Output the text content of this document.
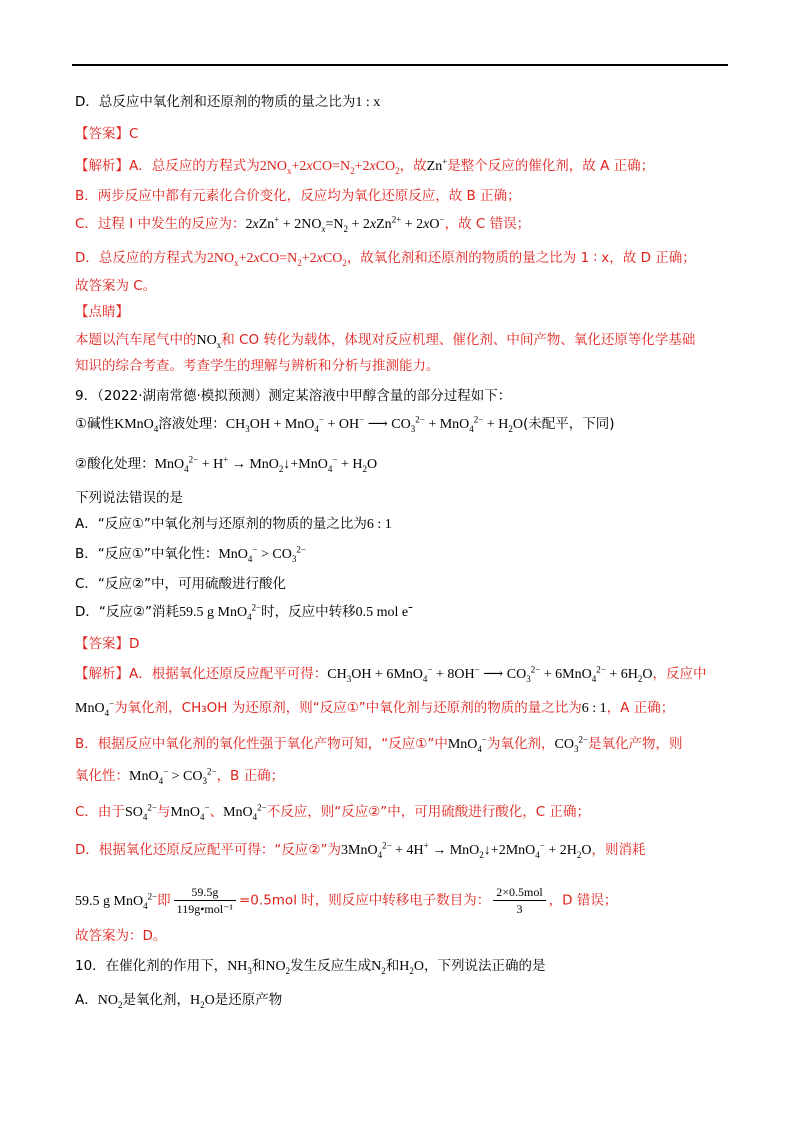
D．总反应中氧化剂和还原剂的物质的量之比为1 : x
【答案】C
【解析】A．总反应的方程式为$2NO_x+2xCO=N_2+2xCO_2$，故Zn+是整个反应的催化剂，故 A 正确；
B．两步反应中都有元素化合价变化，反应均为氧化还原反应，故 B 正确；
C．过程 I 中发生的反应为：$2xZn^+ + 2NO_x=N_2 + 2xZn^{2+} + 2xO^-$，故 C 错误；
D．总反应的方程式为$2NO_x+2xCO=N_2+2xCO_2$，故氧化剂和还原剂的物质的量之比为 1 ∶ x，故 D 正确；
故答案为 C。
【点睛】
本题以汽车尾气中的$NO_x$和 CO 转化为载体，体现对反应机理、催化剂、中间产物、氧化还原等化学基础
知识的综合考查。考查学生的理解与辨析和分析与推测能力。
9．（2022·湖南常德·模拟预测）测定某溶液中甲醇含量的部分过程如下：
①碱性KMnO$_4$溶液处理：$CH_3OH + MnO_4^- + OH^-$ ⟶ $CO_3^{2-} + MnO_4^{2-} + H_2O$(未配平，下同)
②酸化处理：MnO$_4^{2-}$ + H+ → MnO$_2$↓+MnO$_4$− + $H_2O$
下列说法错误的是
A．“反应①”中氧化剂与还原剂的物质的量之比为6 : 1
B．“反应①”中氧化性：$MnO_4^- > CO_3^{2-}$
C．“反应②”中，可用硫酸进行酸化
D．“反应②”消耗59.5 g MnO$_4^{2-}$时，反应中转移0.5 mol e-
【答案】D
【解析】A．根据氧化还原反应配平可得：$CH_3OH + 6MnO_4^- + 8OH^-$ ⟶ $CO_3^{2-} + 6MnO_4^{2-} + 6H_2O$，反应中
MnO$_4$−为氧化剂，CH₃OH 为还原剂，则“反应①”中氧化剂与还原剂的物质的量之比为6 : 1，A 正确；
B．根据反应中氧化剂的氧化性强于氧化产物可知，“反应①”中MnO$_4$−为氧化剂，$CO_3^{2-}$是氧化产物，则
氧化性：$MnO_4^- > CO_3^{2-}$，B 正确；
C．由于$SO_4^{2-}$与MnO$_4$−、MnO$_4^{2-}$不反应，则“反应②”中，可用硫酸进行酸化，C 正确；
D．根据氧化还原反应配平可得：“反应②”为3MnO$_4^{2-}$ + 4H+ → MnO$_2$↓+2MnO$_4$− + $2H_2O$，则消耗
59.5 g MnO$_4^{2-}$即 $\frac{59.5g}{\text{119g•mol⁻¹}} =0.5mol$ 时，则反应中转移电子数目为： $\frac{\text{2×0.5mol}}{3}$ ，D 错误；
故答案为：D。
10．在催化剂的作用下，$NH_3$和$NO_2$发生反应生成$N_2$和$H_2O$，下列说法正确的是
A．$NO_2$是氧化剂，$H_2O$是还原产物
